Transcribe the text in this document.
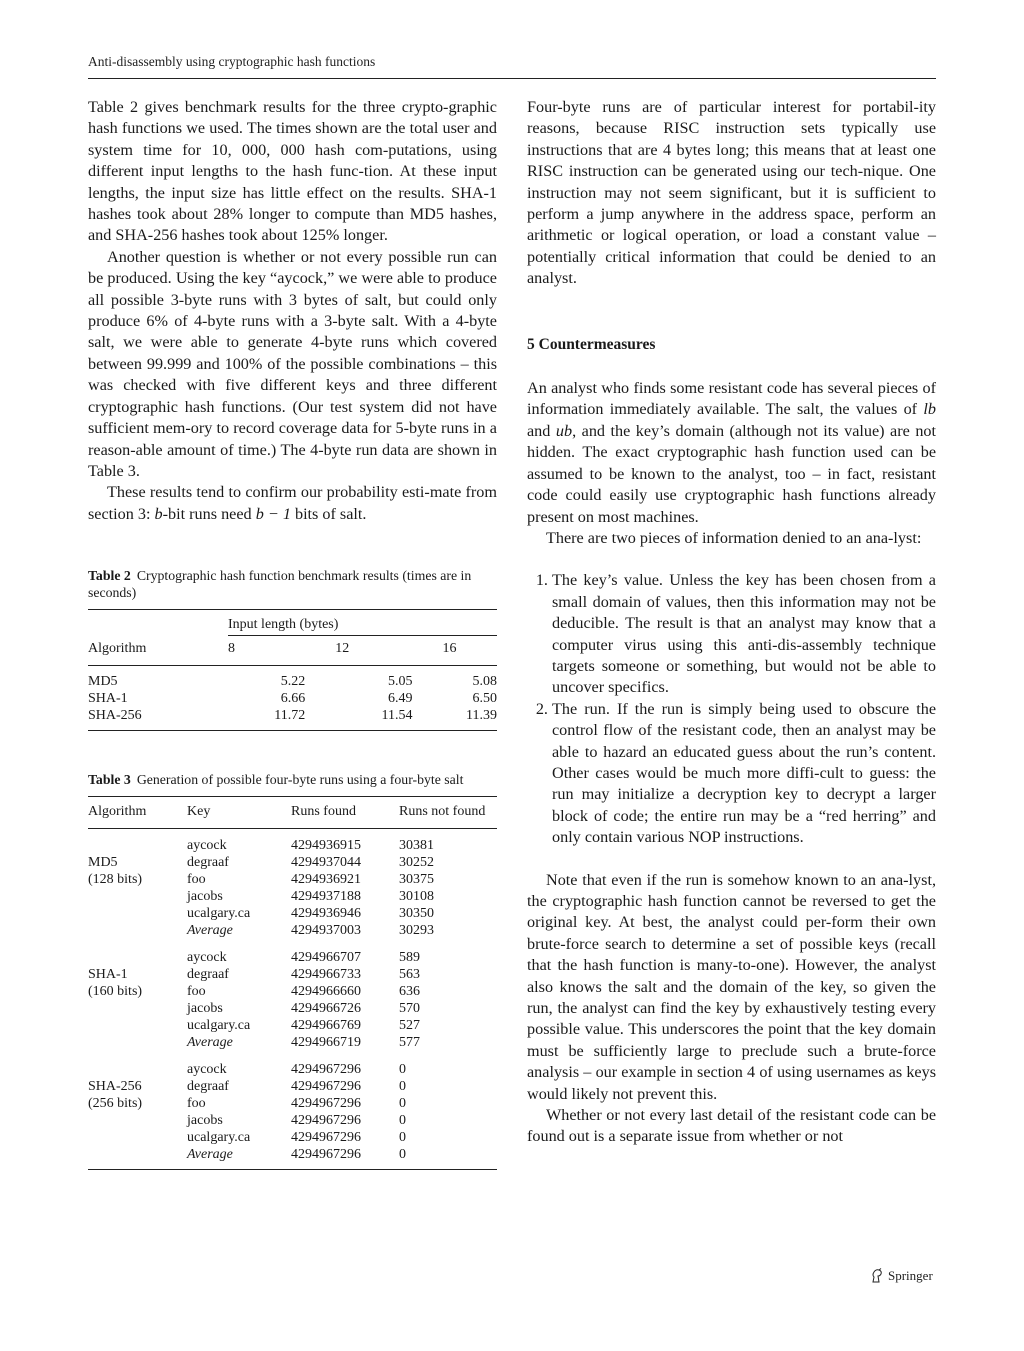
Anti-disassembly using cryptographic hash functions

Table 2 gives benchmark results for the three crypto-graphic hash functions we used. The times shown are the total user and system time for 10, 000, 000 hash com-putations, using different input lengths to the hash func-tion. At these input lengths, the input size has little effect on the results. SHA-1 hashes took about 28% longer to compute than MD5 hashes, and SHA-256 hashes took about 125% longer.

Another question is whether or not every possible run can be produced. Using the key “aycock,” we were able to produce all possible 3-byte runs with 3 bytes of salt, but could only produce 6% of 4-byte runs with a 3-byte salt. With a 4-byte salt, we were able to generate 4-byte runs which covered between 99.999 and 100% of the possible combinations – this was checked with five different keys and three different cryptographic hash functions. (Our test system did not have sufficient mem-ory to record coverage data for 5-byte runs in a reason-able amount of time.) The 4-byte run data are shown in Table 3.

These results tend to confirm our probability esti-mate from section 3: b-bit runs need b − 1 bits of salt.

Table 2 Cryptographic hash function benchmark results (times are in seconds)
	Input length (bytes)		
Algorithm	8	12	16
MD5	5.22	5.05	5.08
SHA-1	6.66	6.49	6.50
SHA-256	11.72	11.54	11.39
Table 3 Generation of possible four-byte runs using a four-byte salt
Algorithm	Key	Runs found	Runs not found
	aycock	4294936915	30381
MD5	degraaf	4294937044	30252
(128 bits)	foo	4294936921	30375
	jacobs	4294937188	30108
	ucalgary.ca	4294936946	30350
	Average	4294937003	30293
	aycock	4294966707	589
SHA-1	degraaf	4294966733	563
(160 bits)	foo	4294966660	636
	jacobs	4294966726	570
	ucalgary.ca	4294966769	527
	Average	4294966719	577
	aycock	4294967296	0
SHA-256	degraaf	4294967296	0
(256 bits)	foo	4294967296	0
	jacobs	4294967296	0
	ucalgary.ca	4294967296	0
	Average	4294967296	0

Four-byte runs are of particular interest for portabil-ity reasons, because RISC instruction sets typically use instructions that are 4 bytes long; this means that at least one RISC instruction can be generated using our tech-nique. One instruction may not seem significant, but it is sufficient to perform a jump anywhere in the address space, perform an arithmetic or logical operation, or load a constant value – potentially critical information that could be denied to an analyst.

5 Countermeasures

An analyst who finds some resistant code has several pieces of information immediately available. The salt, the values of lb and ub, and the key’s domain (although not its value) are not hidden. The exact cryptographic hash function used can be assumed to be known to the analyst, too – in fact, resistant code could easily use cryptographic hash functions already present on most machines.

There are two pieces of information denied to an ana-lyst:

1. The key’s value. Unless the key has been chosen from a small domain of values, then this information may not be deducible. The result is that an analyst may know that a computer virus using this anti-dis-assembly technique targets someone or something, but would not be able to uncover specifics.
2. The run. If the run is simply being used to obscure the control flow of the resistant code, then an analyst may be able to hazard an educated guess about the run’s content. Other cases would be much more diffi-cult to guess: the run may initialize a decryption key to decrypt a larger block of code; the entire run may be a “red herring” and only contain various NOP instructions.

Note that even if the run is somehow known to an ana-lyst, the cryptographic hash function cannot be reversed to get the original key. At best, the analyst could per-form their own brute-force search to determine a set of possible keys (recall that the hash function is many-to-one). However, the analyst also knows the salt and the domain of the key, so given the run, the analyst can find the key by exhaustively testing every possible value. This underscores the point that the key domain must be sufficiently large to preclude such a brute-force analysis – our example in section 4 of using usernames as keys would likely not prevent this.

Whether or not every last detail of the resistant code can be found out is a separate issue from whether or not

Springer
